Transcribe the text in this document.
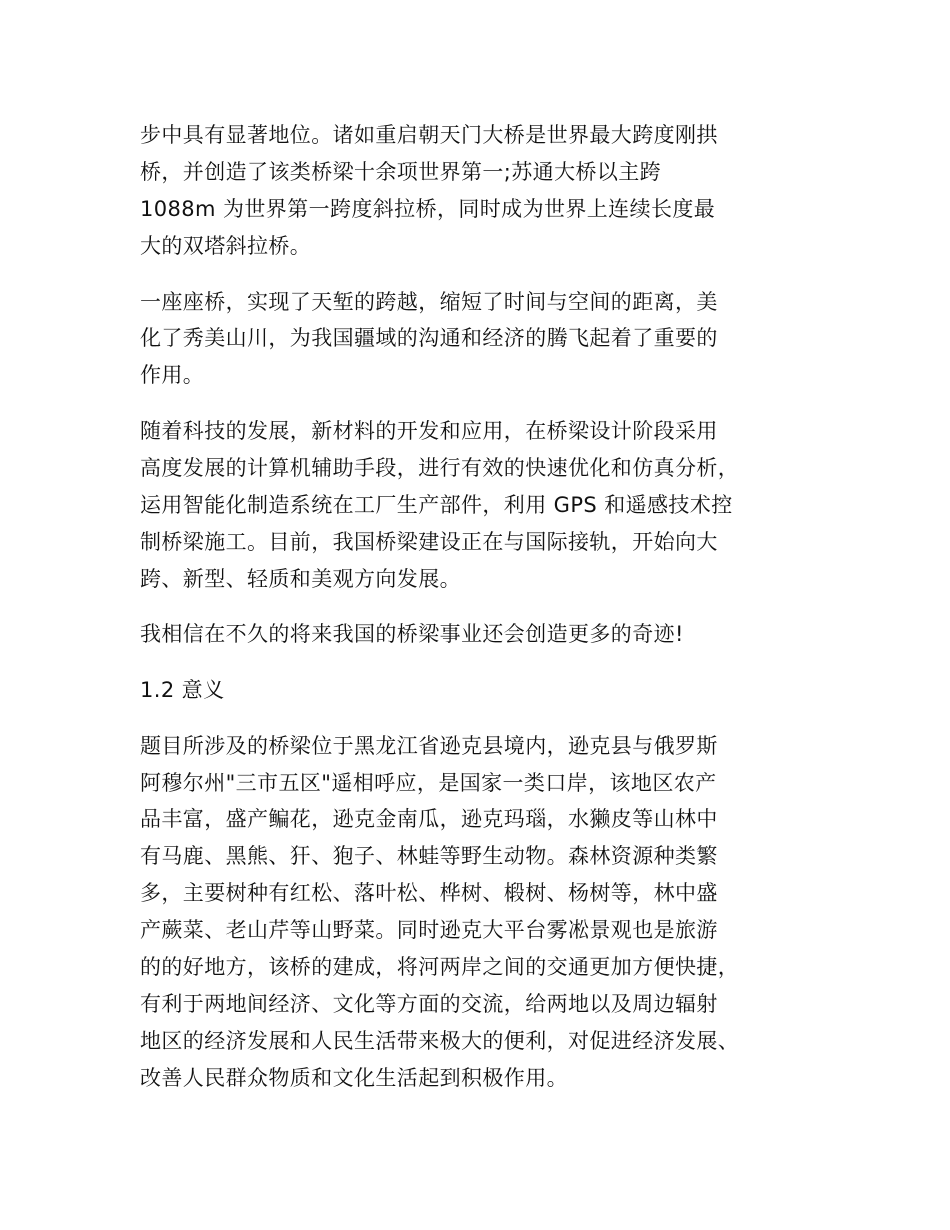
步中具有显著地位。诸如重启朝天门大桥是世界最大跨度刚拱
桥，并创造了该类桥梁十余项世界第一;苏通大桥以主跨
1088m 为世界第一跨度斜拉桥，同时成为世界上连续长度最
大的双塔斜拉桥。
一座座桥，实现了天堑的跨越，缩短了时间与空间的距离，美
化了秀美山川，为我国疆域的沟通和经济的腾飞起着了重要的
作用。
随着科技的发展，新材料的开发和应用，在桥梁设计阶段采用
高度发展的计算机辅助手段，进行有效的快速优化和仿真分析，
运用智能化制造系统在工厂生产部件，利用 GPS 和遥感技术控
制桥梁施工。目前，我国桥梁建设正在与国际接轨，开始向大
跨、新型、轻质和美观方向发展。
我相信在不久的将来我国的桥梁事业还会创造更多的奇迹!
1.2 意义
题目所涉及的桥梁位于黑龙江省逊克县境内，逊克县与俄罗斯
阿穆尔州"三市五区"遥相呼应，是国家一类口岸，该地区农产
品丰富，盛产鳊花，逊克金南瓜，逊克玛瑙，水獭皮等山林中
有马鹿、黑熊、犴、狍子、林蛙等野生动物。森林资源种类繁
多，主要树种有红松、落叶松、桦树、椴树、杨树等，林中盛
产蕨菜、老山芹等山野菜。同时逊克大平台雾凇景观也是旅游
的的好地方，该桥的建成，将河两岸之间的交通更加方便快捷，
有利于两地间经济、文化等方面的交流，给两地以及周边辐射
地区的经济发展和人民生活带来极大的便利，对促进经济发展、
改善人民群众物质和文化生活起到积极作用。
